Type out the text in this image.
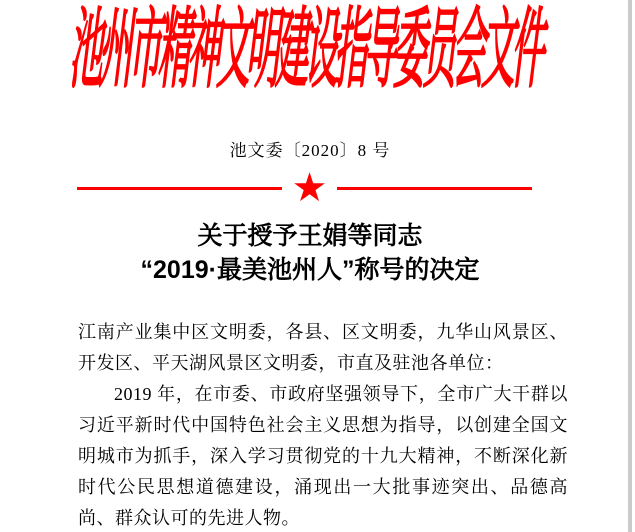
池州市精神文明建设指导委员会文件
池文委〔2020〕8 号
★
关于授予王娟等同志
“2019·最美池州人”称号的决定

江南产业集中区文明委，各县、区文明委，九华山风景区、开发区、平天湖风景区文明委，市直及驻池各单位：

2019 年，在市委、市政府坚强领导下，全市广大干群以习近平新时代中国特色社会主义思想为指导，以创建全国文明城市为抓手，深入学习贯彻党的十九大精神，不断深化新时代公民思想道德建设，涌现出一大批事迹突出、品德高尚、群众认可的先进人物。
